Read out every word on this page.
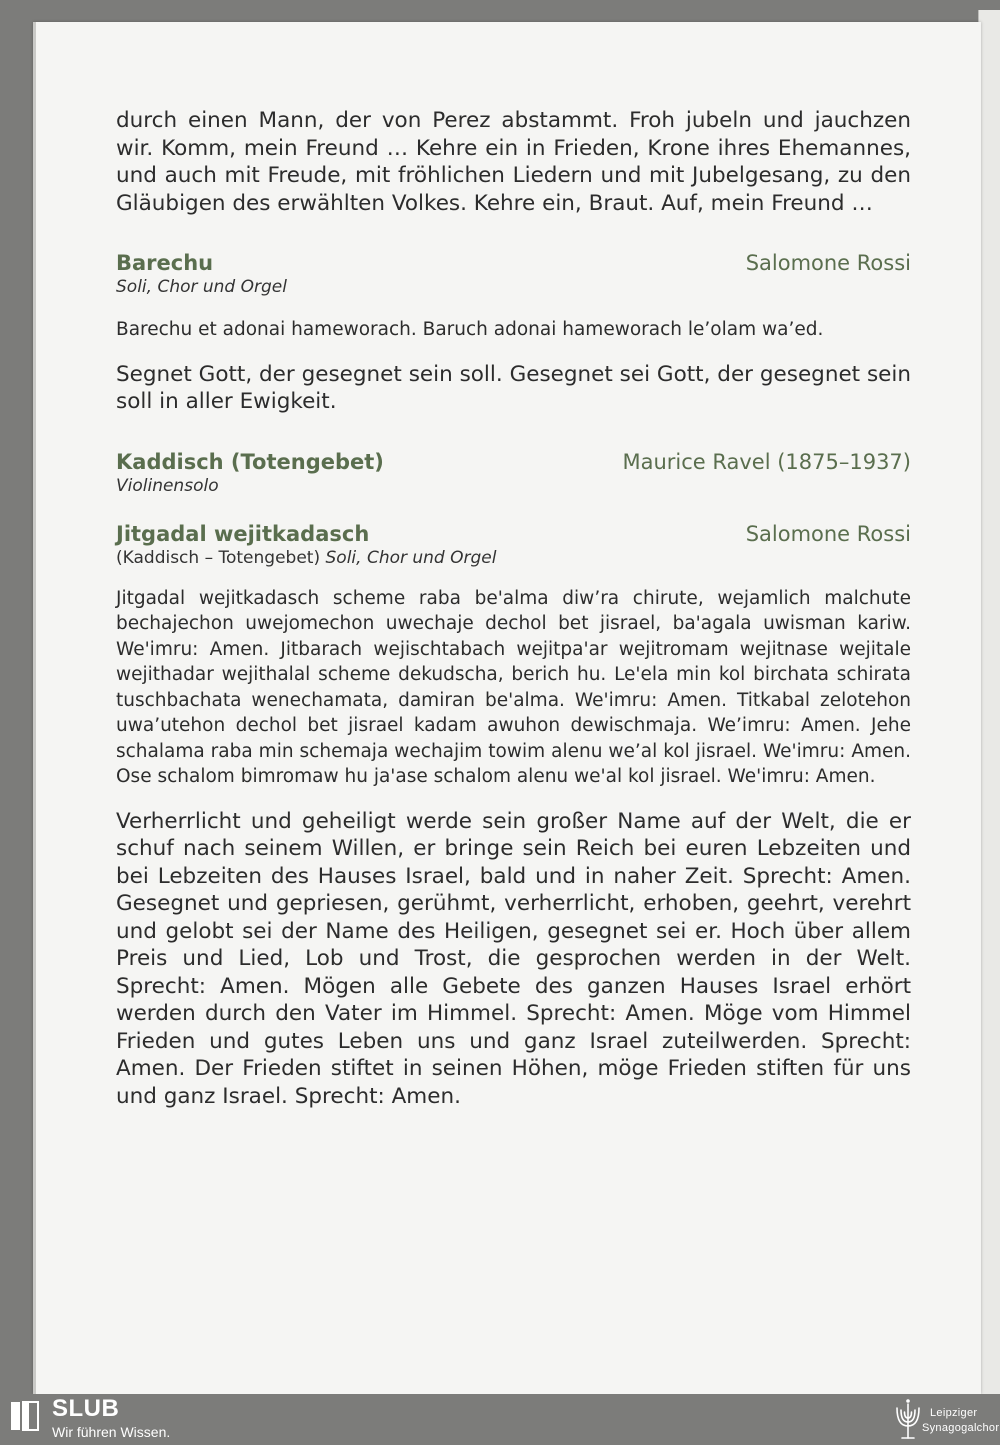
durch einen Mann, der von Perez abstammt. Froh jubeln und jauchzen wir. Komm, mein Freund … Kehre ein in Frieden, Krone ihres Ehemannes, und auch mit Freude, mit fröhlichen Liedern und mit Jubelgesang, zu den Gläubigen des erwählten Volkes. Kehre ein, Braut. Auf, mein Freund …

Barechu	Salomone Rossi
Soli, Chor und Orgel

Barechu et adonai hameworach. Baruch adonai hameworach le’olam wa’ed.

Segnet Gott, der gesegnet sein soll. Gesegnet sei Gott, der gesegnet sein soll in aller Ewigkeit.

Kaddisch (Totengebet)	Maurice Ravel (1875–1937)
Violinensolo
Jitgadal wejitkadasch	Salomone Rossi
(Kaddisch – Totengebet) Soli, Chor und Orgel

Jitgadal wejitkadasch scheme raba be'alma diw’ra chirute, wejamlich malchute bechajechon uwejomechon uwechaje dechol bet jisrael, ba'agala uwisman kariw. We'imru: Amen. Jitbarach wejischtabach wejitpa'ar wejitromam wejitnase wejitale wejithadar wejithalal scheme dekudscha, berich hu. Le'ela min kol birchata schirata tuschbachata wenechamata, damiran be'alma. We'imru: Amen. Titkabal zelotehon uwa’utehon dechol bet jisrael kadam awuhon dewischmaja. We’imru: Amen. Jehe schalama raba min schemaja wechajim towim alenu we’al kol jisrael. We'imru: Amen. Ose schalom bimromaw hu ja'ase schalom alenu we'al kol jisrael. We'imru: Amen.

Verherrlicht und geheiligt werde sein großer Name auf der Welt, die er schuf nach seinem Willen, er bringe sein Reich bei euren Lebzeiten und bei Lebzeiten des Hauses Israel, bald und in naher Zeit. Sprecht: Amen. Gesegnet und gepriesen, gerühmt, verherrlicht, erhoben, geehrt, verehrt und gelobt sei der Name des Heiligen, gesegnet sei er. Hoch über allem Preis und Lied, Lob und Trost, die gesprochen werden in der Welt. Sprecht: Amen. Mögen alle Gebete des ganzen Hauses Israel erhört werden durch den Vater im Himmel. Sprecht: Amen. Möge vom Himmel Frieden und gutes Leben uns und ganz Israel zuteilwerden. Sprecht: Amen. Der Frieden stiftet in seinen Höhen, möge Frieden stiften für uns und ganz Israel. Sprecht: Amen.

SLUB
Wir führen Wissen.
Leipziger
Synagogalchor
